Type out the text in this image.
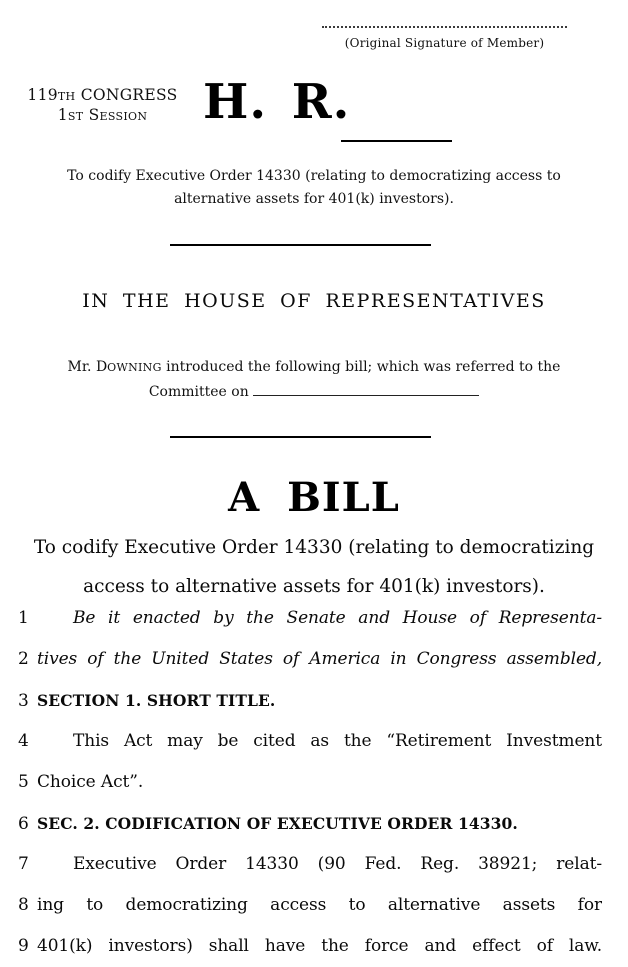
(Original Signature of Member)
119TH CONGRESS
1ST SESSION	H. R.
To codify Executive Order 14330 (relating to democratizing access to
alternative assets for 401(k) investors).
IN THE HOUSE OF REPRESENTATIVES
Mr. DOWNING introduced the following bill; which was referred to the
Committee on
A BILL
To codify Executive Order 14330 (relating to democratizing
access to alternative assets for 401(k) investors).
1	Be it enacted by the Senate and House of Representa-
2 tives of the United States of America in Congress assembled,
3 SECTION 1. SHORT TITLE.
4	This Act may be cited as the “Retirement Investment
5 Choice Act”.
6 SEC. 2. CODIFICATION OF EXECUTIVE ORDER 14330.
7	Executive Order 14330 (90 Fed. Reg. 38921; relat-
8 ing to democratizing access to alternative assets for
9 401(k) investors) shall have the force and effect of law.
